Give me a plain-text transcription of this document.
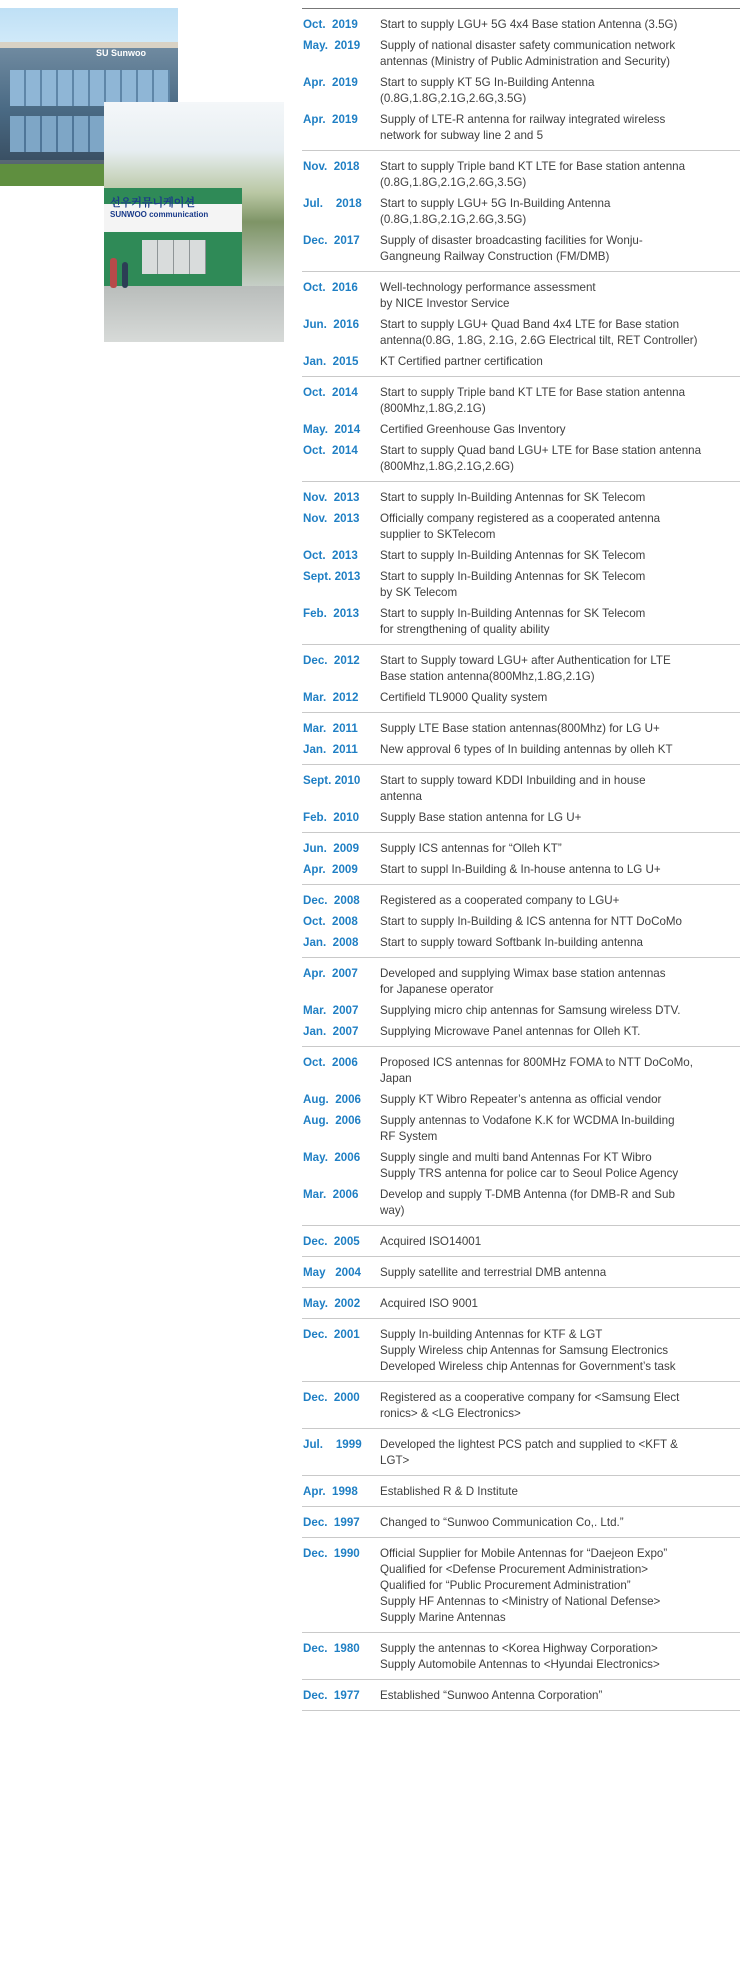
SU Sunwoo
선우커뮤니케이션
SUNWOO communication
Oct.  2019 Start to supply LGU+ 5G 4x4 Base station Antenna (3.5G)
May.  2019 Supply of national disaster safety communication network
antennas (Ministry of Public Administration and Security)
Apr.  2019 Start to supply KT 5G In-Building Antenna
(0.8G,1.8G,2.1G,2.6G,3.5G)
Apr.  2019 Supply of LTE-R antenna for railway integrated wireless
network for subway line 2 and 5
Nov.  2018 Start to supply Triple band KT LTE for Base station antenna
(0.8G,1.8G,2.1G,2.6G,3.5G)
Jul.    2018 Start to supply LGU+ 5G In-Building Antenna
(0.8G,1.8G,2.1G,2.6G,3.5G)
Dec.  2017 Supply of disaster broadcasting facilities for Wonju-
Gangneung Railway Construction (FM/DMB)
Oct.  2016 Well-technology performance assessment
by NICE Investor Service
Jun.  2016 Start to supply LGU+ Quad Band 4x4 LTE for Base station
antenna(0.8G, 1.8G, 2.1G, 2.6G Electrical tilt, RET Controller)
Jan.  2015 KT Certified partner certification
Oct.  2014 Start to supply Triple band KT LTE for Base station antenna
(800Mhz,1.8G,2.1G)
May.  2014 Certified Greenhouse Gas Inventory
Oct.  2014 Start to supply Quad band LGU+ LTE for Base station antenna
(800Mhz,1.8G,2.1G,2.6G)
Nov.  2013 Start to supply In-Building Antennas for SK Telecom
Nov.  2013 Officially company registered as a cooperated antenna
supplier to SKTelecom
Oct.  2013 Start to supply In-Building Antennas for SK Telecom
Sept. 2013 Start to supply In-Building Antennas for SK Telecom
by SK Telecom
Feb.  2013 Start to supply In-Building Antennas for SK Telecom
for strengthening of quality ability
Dec.  2012 Start to Supply toward LGU+ after Authentication for LTE
Base station antenna(800Mhz,1.8G,2.1G)
Mar.  2012 Certifield TL9000 Quality system
Mar.  2011 Supply LTE Base station antennas(800Mhz) for LG U+
Jan.  2011 New approval 6 types of In building antennas by olleh KT
Sept. 2010 Start to supply toward KDDI Inbuilding and in house
antenna
Feb.  2010 Supply Base station antenna for LG U+
Jun.  2009 Supply ICS antennas for “Olleh KT”
Apr.  2009 Start to suppl In-Building & In-house antenna to LG U+
Dec.  2008 Registered as a cooperated company to LGU+
Oct.  2008 Start to supply In-Building & ICS antenna for NTT DoCoMo
Jan.  2008 Start to supply toward Softbank In-building antenna
Apr.  2007 Developed and supplying Wimax base station antennas
for Japanese operator
Mar.  2007 Supplying micro chip antennas for Samsung wireless DTV.
Jan.  2007 Supplying Microwave Panel antennas for Olleh KT.
Oct.  2006 Proposed ICS antennas for 800MHz FOMA to NTT DoCoMo,
Japan
Aug.  2006 Supply KT Wibro Repeater’s antenna as official vendor
Aug.  2006 Supply antennas to Vodafone K.K for WCDMA In-building
RF System
May.  2006 Supply single and multi band Antennas For KT Wibro
Supply TRS antenna for police car to Seoul Police Agency
Mar.  2006 Develop and supply T-DMB Antenna (for DMB-R and Sub
way)
Dec.  2005 Acquired ISO14001
May   2004 Supply satellite and terrestrial DMB antenna
May.  2002 Acquired ISO 9001
Dec.  2001 Supply In-building Antennas for KTF & LGT
Supply Wireless chip Antennas for Samsung Electronics
Developed Wireless chip Antennas for Government’s task
Dec.  2000 Registered as a cooperative company for <Samsung Elect
ronics> & <LG Electronics>
Jul.    1999 Developed the lightest PCS patch and supplied to <KFT &
LGT>
Apr.  1998 Established R & D Institute
Dec.  1997 Changed to “Sunwoo Communication Co,. Ltd.”
Dec.  1990 Official Supplier for Mobile Antennas for “Daejeon Expo”
Qualified for <Defense Procurement Administration>
Qualified for “Public Procurement Administration”
Supply HF Antennas to <Ministry of National Defense>
Supply Marine Antennas
Dec.  1980 Supply the antennas to <Korea Highway Corporation>
Supply Automobile Antennas to <Hyundai Electronics>
Dec.  1977 Established “Sunwoo Antenna Corporation”
